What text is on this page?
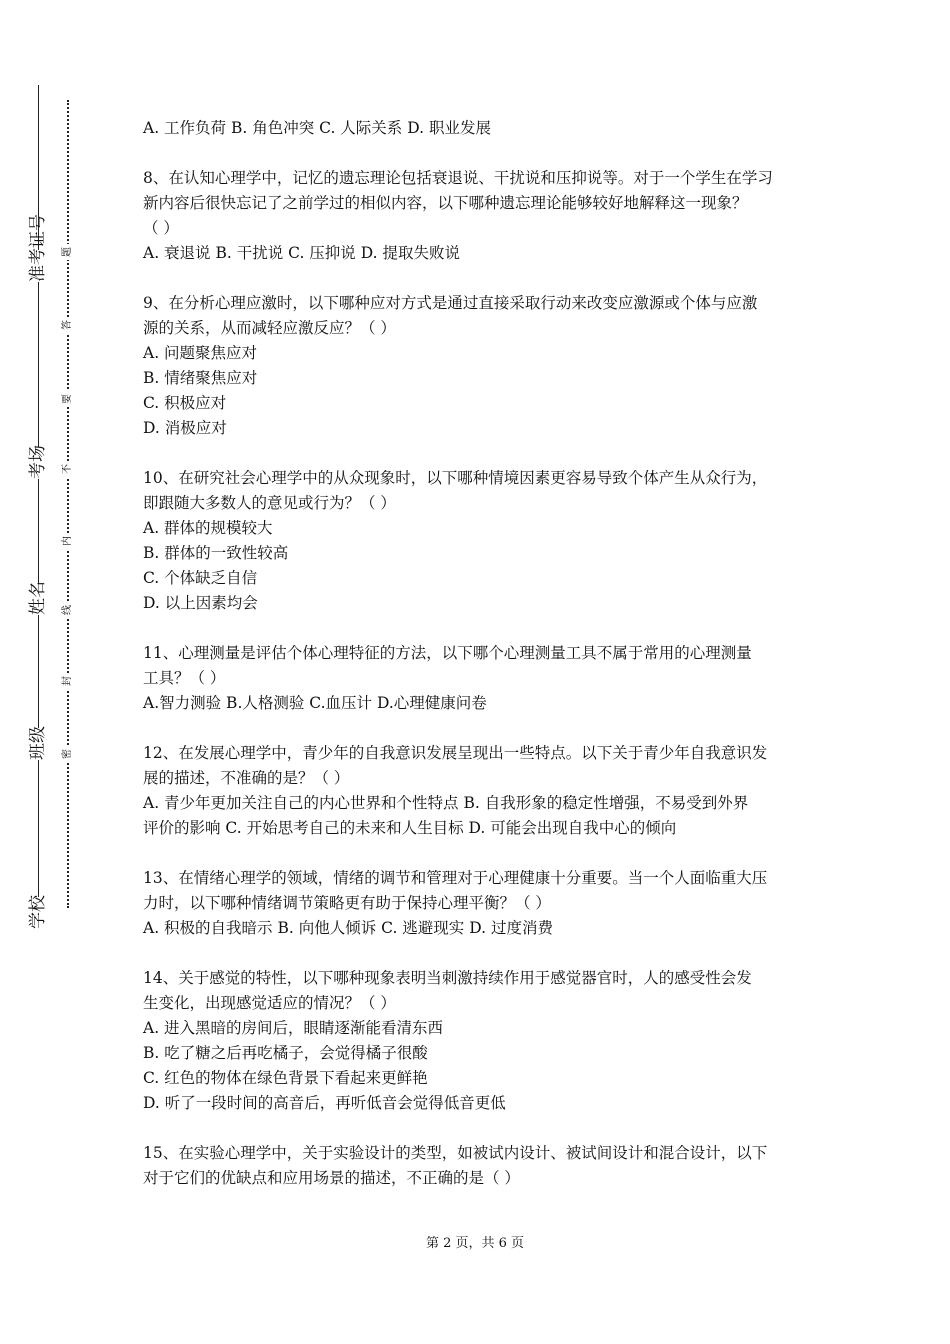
准考证号
考场
姓名
班级
学校
题
答
要
不
内
线
封
密
A. 工作负荷 B. 角色冲突 C. 人际关系 D. 职业发展
8、在认知心理学中，记忆的遗忘理论包括衰退说、干扰说和压抑说等。对于一个学生在学习
新内容后很快忘记了之前学过的相似内容，以下哪种遗忘理论能够较好地解释这一现象？
（ ）
A. 衰退说 B. 干扰说 C. 压抑说 D. 提取失败说
9、在分析心理应激时，以下哪种应对方式是通过直接采取行动来改变应激源或个体与应激
源的关系，从而减轻应激反应？（ ）
A. 问题聚焦应对
B. 情绪聚焦应对
C. 积极应对
D. 消极应对
10、在研究社会心理学中的从众现象时，以下哪种情境因素更容易导致个体产生从众行为，
即跟随大多数人的意见或行为？（ ）
A. 群体的规模较大
B. 群体的一致性较高
C. 个体缺乏自信
D. 以上因素均会
11、心理测量是评估个体心理特征的方法，以下哪个心理测量工具不属于常用的心理测量
工具？（ ）
A.智力测验 B.人格测验 C.血压计 D.心理健康问卷
12、在发展心理学中，青少年的自我意识发展呈现出一些特点。以下关于青少年自我意识发
展的描述，不准确的是？（ ）
A. 青少年更加关注自己的内心世界和个性特点 B. 自我形象的稳定性增强，不易受到外界
评价的影响 C. 开始思考自己的未来和人生目标 D. 可能会出现自我中心的倾向
13、在情绪心理学的领域，情绪的调节和管理对于心理健康十分重要。当一个人面临重大压
力时，以下哪种情绪调节策略更有助于保持心理平衡？（ ）
A. 积极的自我暗示 B. 向他人倾诉 C. 逃避现实 D. 过度消费
14、关于感觉的特性，以下哪种现象表明当刺激持续作用于感觉器官时，人的感受性会发
生变化，出现感觉适应的情况？（ ）
A. 进入黑暗的房间后，眼睛逐渐能看清东西
B. 吃了糖之后再吃橘子，会觉得橘子很酸
C. 红色的物体在绿色背景下看起来更鲜艳
D. 听了一段时间的高音后，再听低音会觉得低音更低
15、在实验心理学中，关于实验设计的类型，如被试内设计、被试间设计和混合设计，以下
对于它们的优缺点和应用场景的描述，不正确的是（ ）
第 2 页，共 6 页
